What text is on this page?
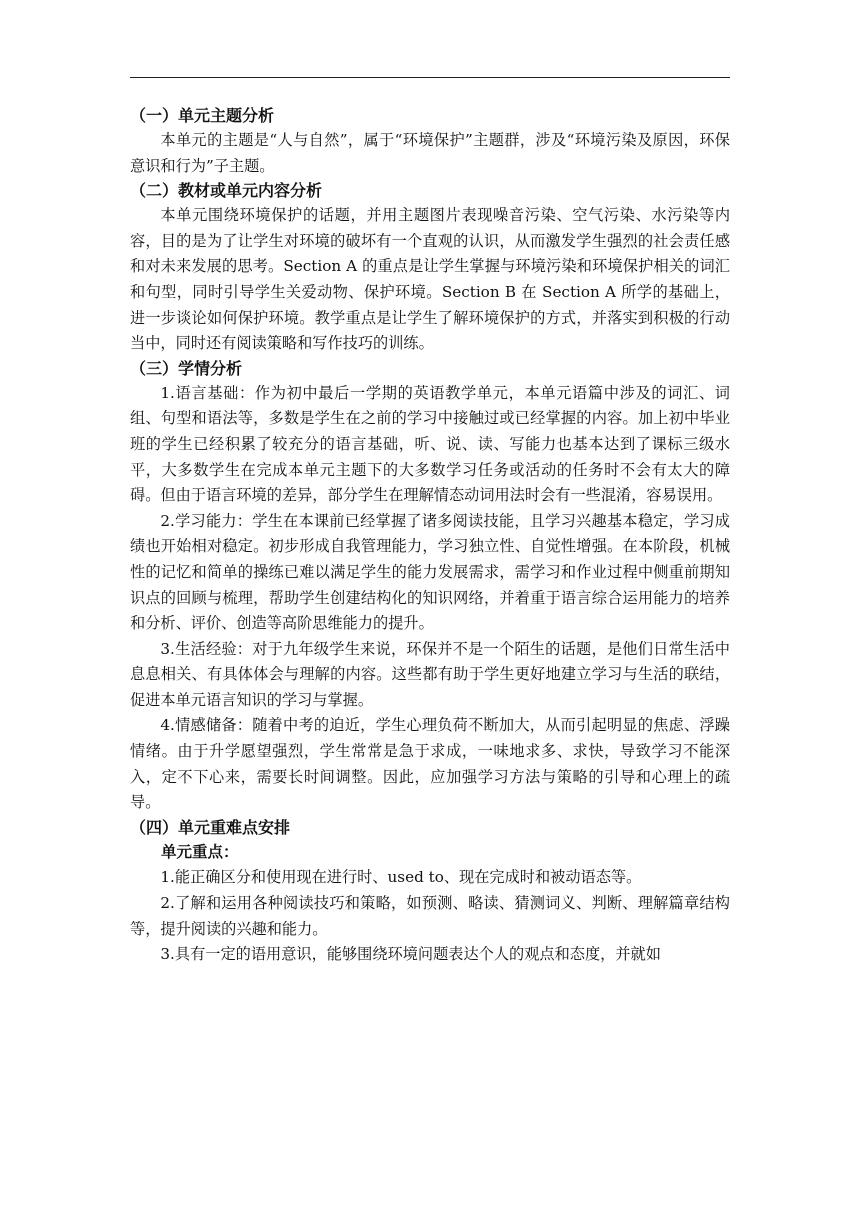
（一）单元主题分析

本单元的主题是“人与自然”，属于“环境保护”主题群，涉及“环境污染及原因，环保意识和行为”子主题。

（二）教材或单元内容分析

本单元围绕环境保护的话题，并用主题图片表现噪音污染、空气污染、水污染等内容，目的是为了让学生对环境的破坏有一个直观的认识，从而激发学生强烈的社会责任感和对未来发展的思考。Section A 的重点是让学生掌握与环境污染和环境保护相关的词汇和句型，同时引导学生关爱动物、保护环境。Section B 在 Section A 所学的基础上，进一步谈论如何保护环境。教学重点是让学生了解环境保护的方式，并落实到积极的行动当中，同时还有阅读策略和写作技巧的训练。

（三）学情分析

1.语言基础：作为初中最后一学期的英语教学单元，本单元语篇中涉及的词汇、词组、句型和语法等，多数是学生在之前的学习中接触过或已经掌握的内容。加上初中毕业班的学生已经积累了较充分的语言基础，听、说、读、写能力也基本达到了课标三级水平，大多数学生在完成本单元主题下的大多数学习任务或活动的任务时不会有太大的障碍。但由于语言环境的差异，部分学生在理解情态动词用法时会有一些混淆，容易误用。

2.学习能力：学生在本课前已经掌握了诸多阅读技能，且学习兴趣基本稳定，学习成绩也开始相对稳定。初步形成自我管理能力，学习独立性、自觉性增强。在本阶段，机械性的记忆和简单的操练已难以满足学生的能力发展需求，需学习和作业过程中侧重前期知识点的回顾与梳理，帮助学生创建结构化的知识网络，并着重于语言综合运用能力的培养和分析、评价、创造等高阶思维能力的提升。

3.生活经验：对于九年级学生来说，环保并不是一个陌生的话题，是他们日常生活中息息相关、有具体体会与理解的内容。这些都有助于学生更好地建立学习与生活的联结，促进本单元语言知识的学习与掌握。

4.情感储备：随着中考的迫近，学生心理负荷不断加大，从而引起明显的焦虑、浮躁情绪。由于升学愿望强烈，学生常常是急于求成，一味地求多、求快，导致学习不能深入，定不下心来，需要长时间调整。因此，应加强学习方法与策略的引导和心理上的疏导。

（四）单元重难点安排

单元重点：

1.能正确区分和使用现在进行时、used to、现在完成时和被动语态等。

2.了解和运用各种阅读技巧和策略，如预测、略读、猜测词义、判断、理解篇章结构等，提升阅读的兴趣和能力。

3.具有一定的语用意识，能够围绕环境问题表达个人的观点和态度，并就如
